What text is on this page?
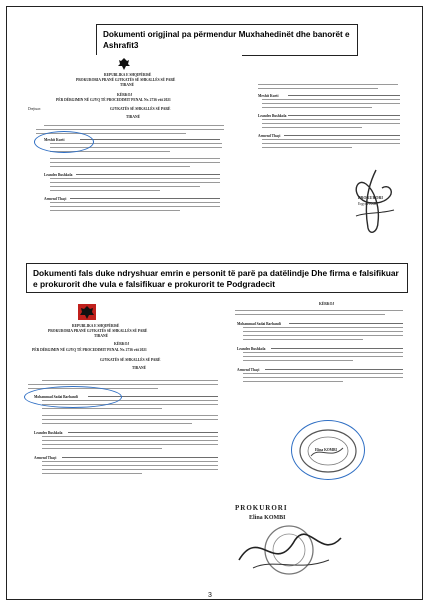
Dokumenti origjinal pa përmendur Muxhahedinët dhe banorët e Ashrafit3
REPUBLIKA E SHQIPËRISË
PROKURORIA PRANË GJYKATËS SË SHKALLËS SË PARË
TIRANË
KËRKOJ
PËR DËRGIMIN NË GJYQ TË PROCEDIMIT PENAL Nr. 2736 viti 2021
Drejtuar:	GJYKATËS SË SHKALLËS SË PARË
TIRANË
Mexhit Kurti
Leandro Bushkola
Armend Thaçi
Mexhit Kurti
Leandro Bushkola
Armend Thaçi
PROKURORI
Ergys FEKRI
Dokumenti fals duke ndryshuar emrin e personit të parë pa datëlindje Dhe firma e falsifikuar e prokurorit dhe vula e falsifikuar e prokurorit te Podgradecit
REPUBLIKA E SHQIPËRISË
PROKURORIA PRANË GJYKATËS SË SHKALLËS SË PARË
TIRANË
KËRKOJ
PËR DËRGIMIN NË GJYQ TË PROCEDIMIT PENAL Nr. 2736 viti 2021
GJYKATËS SË SHKALLËS SË PARË
TIRANË
Mohammad Sadai Barhandi
Leandro Bushkola
Armend Thaçi
KËRKOJ
Mohammad Sadai Barhandi
Leandro Bushkola
Armend Thaçi
Elina KOMBI
PROKURORI
Elina KOMBI
3
